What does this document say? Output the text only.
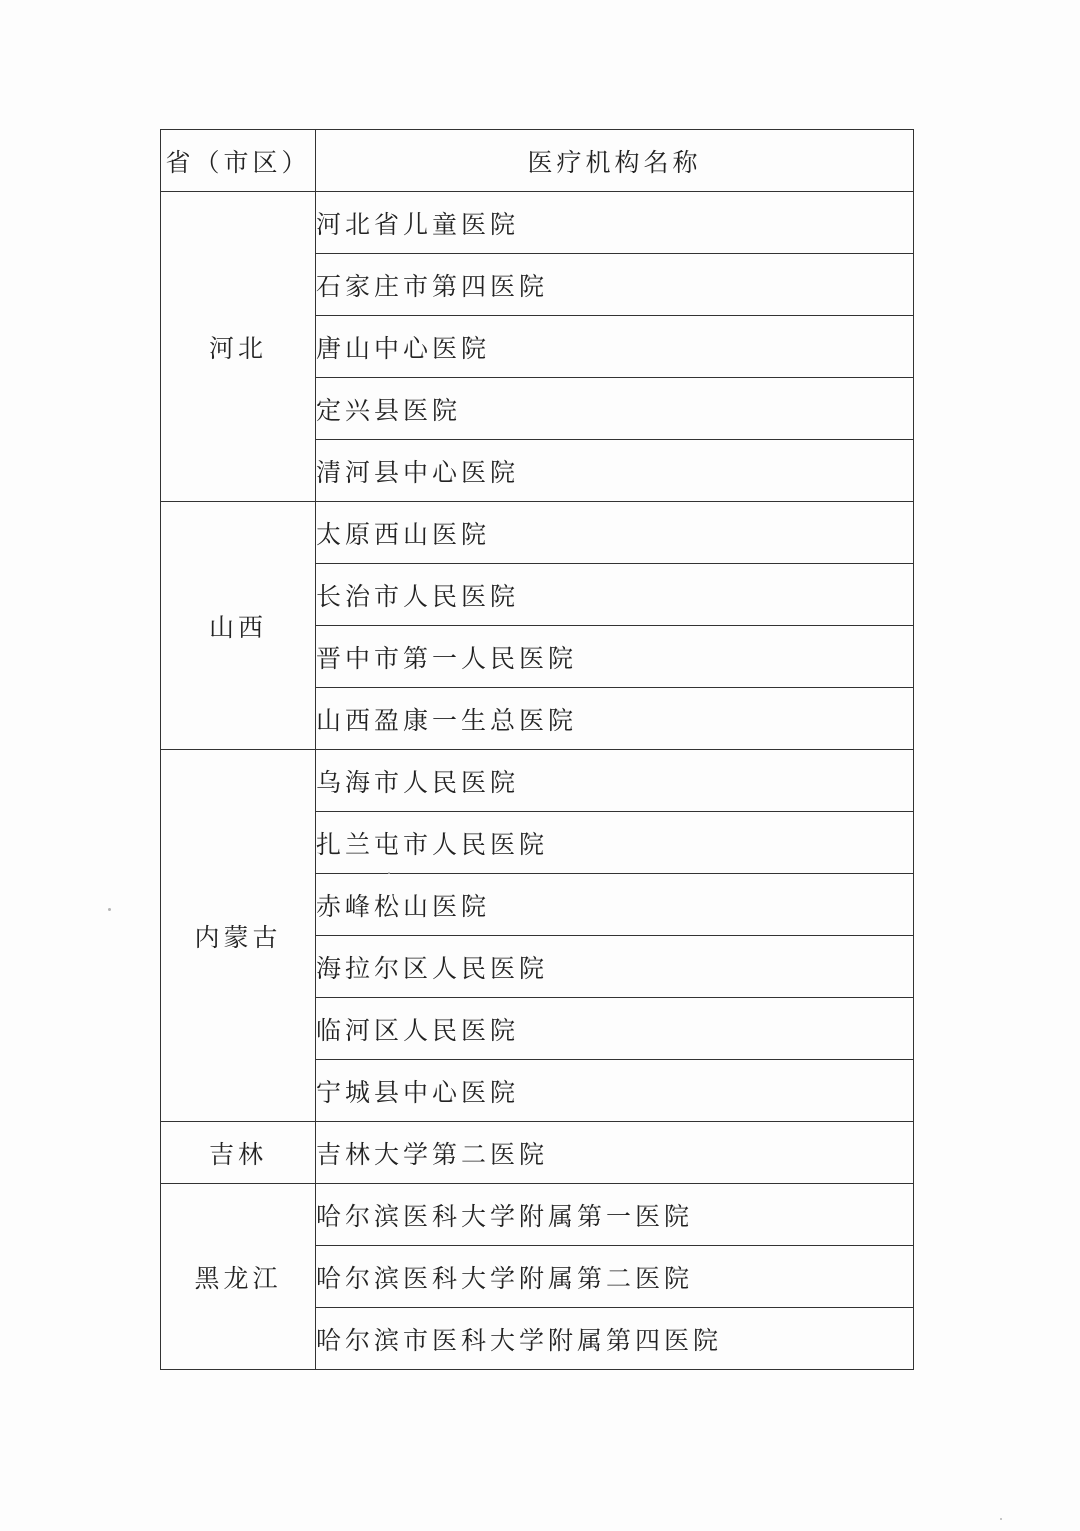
省（市区）	医疗机构名称
河北	河北省儿童医院
	石家庄市第四医院
	唐山中心医院
	定兴县医院
	清河县中心医院
山西	太原西山医院
	长治市人民医院
	晋中市第一人民医院
	山西盈康一生总医院
内蒙古	乌海市人民医院
	扎兰屯市人民医院
	赤峰松山医院
	海拉尔区人民医院
	临河区人民医院
	宁城县中心医院
吉林	吉林大学第二医院
黑龙江	哈尔滨医科大学附属第一医院
	哈尔滨医科大学附属第二医院
	哈尔滨市医科大学附属第四医院
